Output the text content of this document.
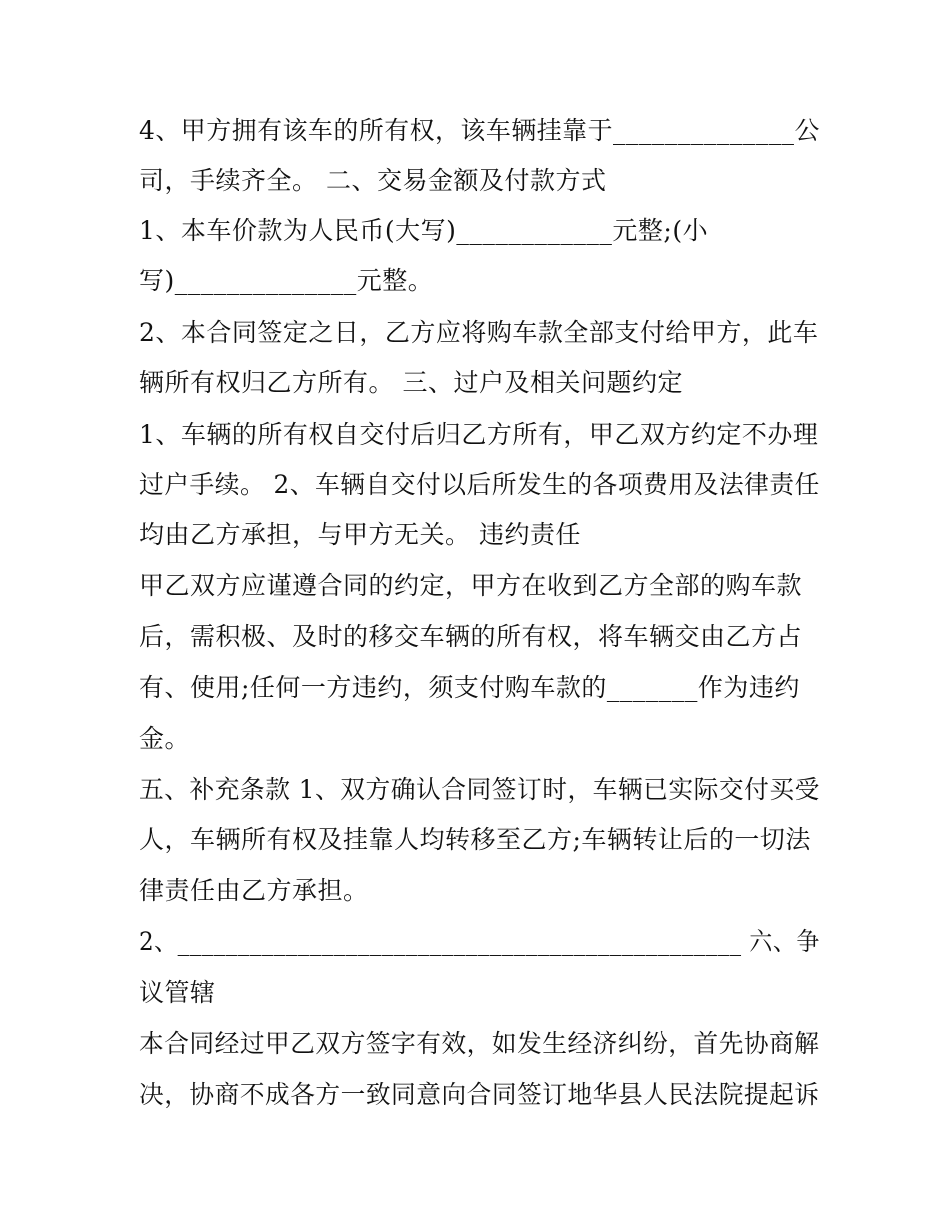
4、甲方拥有该车的所有权，该车辆挂靠于______________公
司，手续齐全。 二、交易金额及付款方式
1、本车价款为人民币(大写)____________元整;(小
写)______________元整。
2、本合同签定之日，乙方应将购车款全部支付给甲方，此车
辆所有权归乙方所有。 三、过户及相关问题约定
1、车辆的所有权自交付后归乙方所有，甲乙双方约定不办理
过户手续。 2、车辆自交付以后所发生的各项费用及法律责任
均由乙方承担，与甲方无关。 违约责任
甲乙双方应谨遵合同的约定，甲方在收到乙方全部的购车款
后，需积极、及时的移交车辆的所有权，将车辆交由乙方占
有、使用;任何一方违约，须支付购车款的_______作为违约
金。
五、补充条款 1、双方确认合同签订时，车辆已实际交付买受
人，车辆所有权及挂靠人均转移至乙方;车辆转让后的一切法
律责任由乙方承担。
2、_______________________________________________ 六、争
议管辖
本合同经过甲乙双方签字有效，如发生经济纠纷，首先协商解
决，协商不成各方一致同意向合同签订地华县人民法院提起诉
